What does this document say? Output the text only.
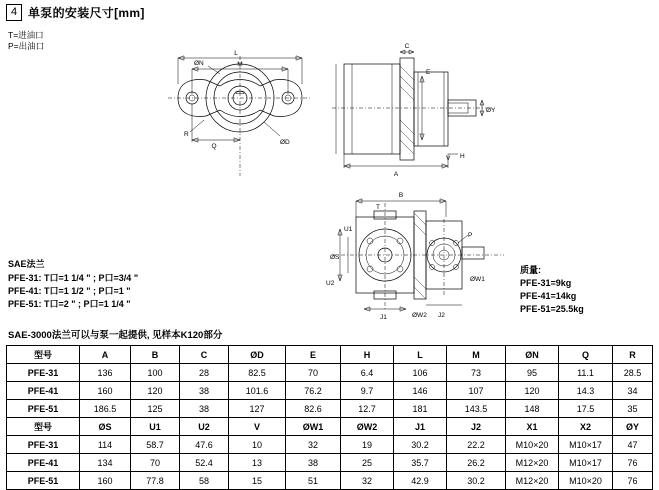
4 单泵的安装尺寸[mm]
T=进油口
P=出油口
L
M
Q
R
ØD
ØN
A
E
C
ØY
V H
B
ØS
U1
U2
J1	J2
T
P
ØW1
ØW2
SAE法兰
PFE-31: T口=1 1/4 " ; P口=3/4 "
PFE-41: T口=1 1/2 " ; P口=1 "
PFE-51: T口=2 " ; P口=1 1/4 "
质量:
PFE-31=9kg
PFE-41=14kg
PFE-51=25.5kg
SAE-3000法兰可以与泵一起提供, 见样本K120部分
型号	A	B	C	ØD	E	H	L	M	ØN	Q	R
PFE-31	136	100	28	82.5	70	6.4	106	73	95	11.1	28.5
PFE-41	160	120	38	101.6	76.2	9.7	146	107	120	14.3	34
PFE-51	186.5	125	38	127	82.6	12.7	181	143.5	148	17.5	35
型号	ØS	U1	U2	V	ØW1	ØW2	J1	J2	X1	X2	ØY
PFE-31	114	58.7	47.6	10	32	19	30.2	22.2	M10×20	M10×17	47
PFE-41	134	70	52.4	13	38	25	35.7	26.2	M12×20	M10×17	76
PFE-51	160	77.8	58	15	51	32	42.9	30.2	M12×20	M10×20	76
